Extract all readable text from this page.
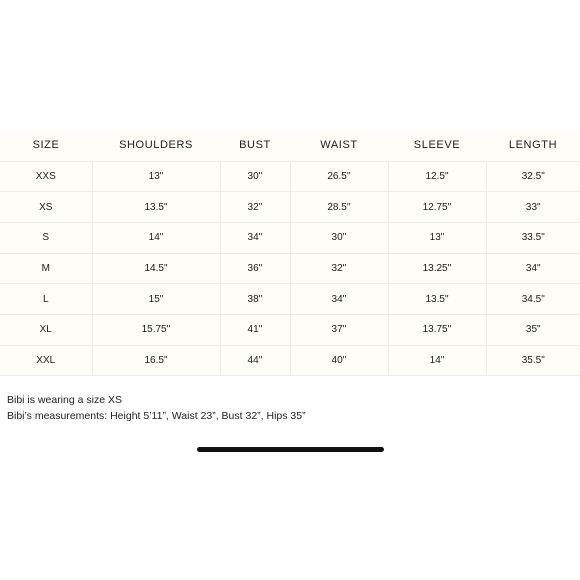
SIZE	SHOULDERS	BUST	WAIST	SLEEVE	LENGTH
XXS	13"	30''	26.5''	12.5"	32.5"
XS	13.5"	32''	28.5''	12.75''	33"
S	14"	34''	30''	13"	33.5"
M	14.5"	36''	32''	13.25''	34"
L	15"	38''	34''	13.5"	34.5"
XL	15.75''	41''	37''	13.75''	35"
XXL	16.5"	44''	40''	14"	35.5"

Bibi is wearing a size XS

Bibi’s measurements: Height 5’11”, Waist 23”, Bust 32”, Hips 35”
